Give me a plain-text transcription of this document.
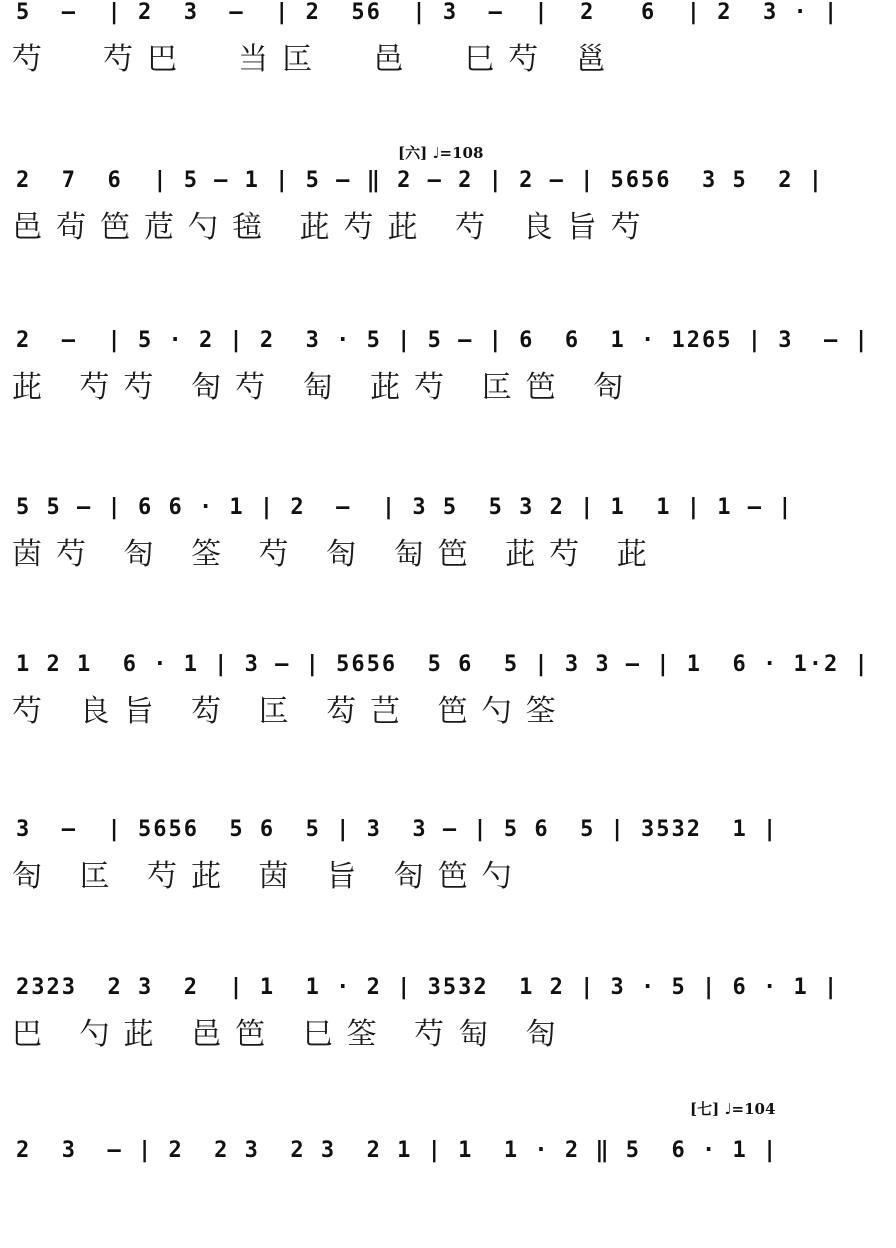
5  —  | 2  3  —  | 2  56  | 3  —  |  2   6  | 2  3 · |
芍  芍巴  当匞  邑  巳芍 邕
[六] ♩=108
2  7  6  | 5 — 1 | 5 — ‖ 2 — 2 | 2 — | 5656  3 5  2 |
邑茍笆苊勺毰 茈芍茈 芍 良旨芍
2  —  | 5 · 2 | 2  3 · 5 | 5 — | 6  6  1 · 1265 | 3  — |
茈 芍芍 匌芍 匋 茈芍 匞笆 匌
5 5 — | 6 6 · 1 | 2  —  | 3 5  5 3 2 | 1  1 | 1 — |
茵芍 匌 筌 芍 匌 匋笆 茈芍 茈
1 2 1  6 · 1 | 3 — | 5656  5 6  5 | 3 3 — | 1  6 · 1·2 |
芍 良旨 芶 匞 芶芑 笆勺筌
3  —  | 5656  5 6  5 | 3  3 — | 5 6  5 | 3532  1 |
匌 匞 芍茈 茵 旨 匌笆勺
2323  2 3  2  | 1  1 · 2 | 3532  1 2 | 3 · 5 | 6 · 1 |
巴 勺茈 邑笆 巳筌 芍匋 匌
[七] ♩=104
2  3  — | 2  2 3  2 3  2 1 | 1  1 · 2 ‖ 5  6 · 1 |
